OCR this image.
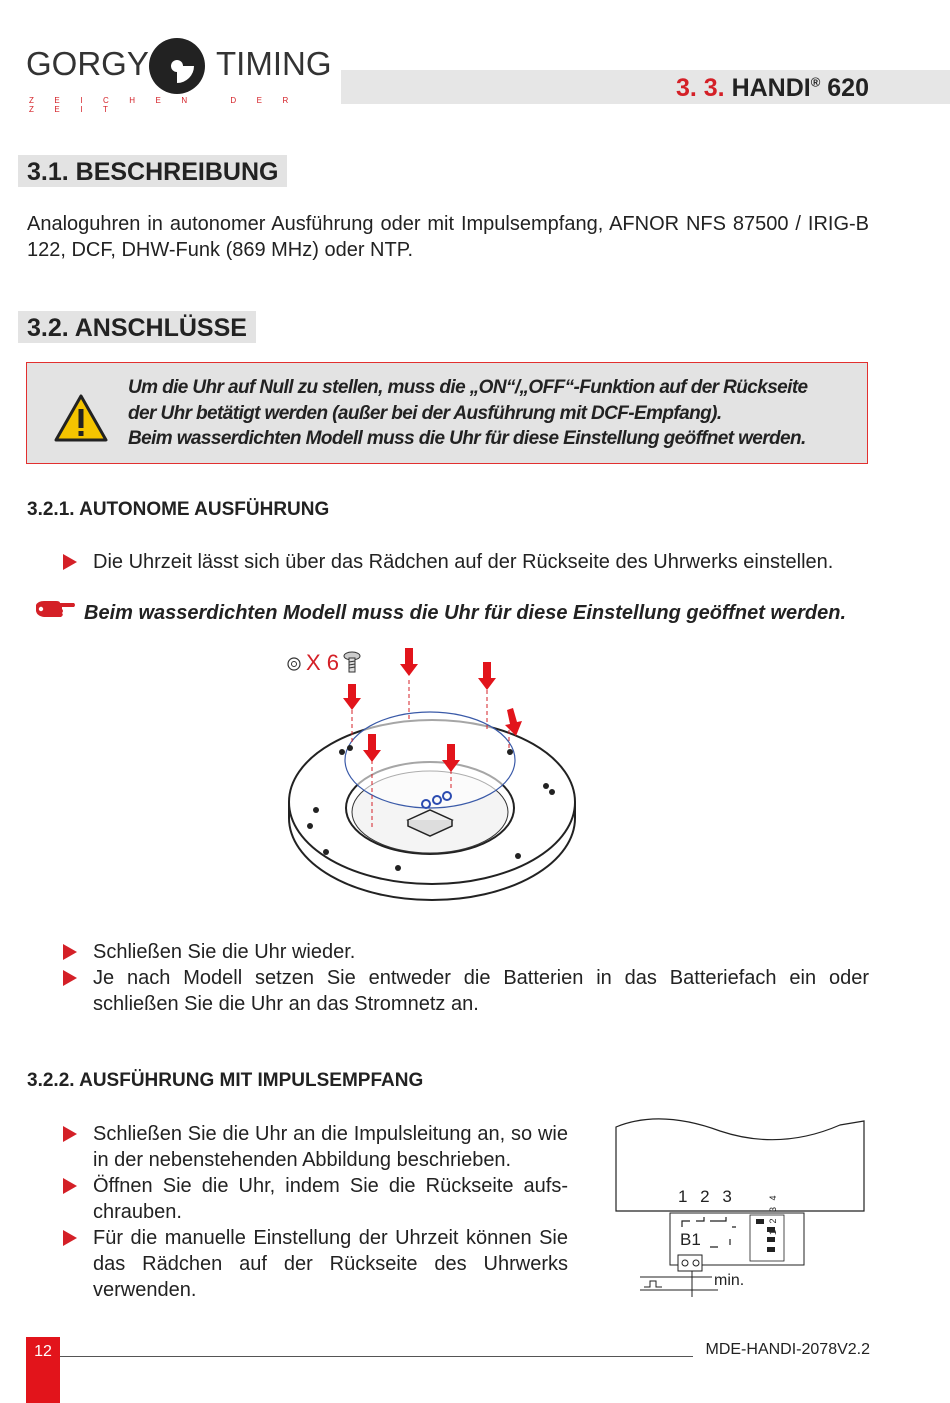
GORGY TIMING
ZEICHEN DER ZEIT
3. 3. HANDI® 620
3.1. BESCHREIBUNG
Analoguhren in autonomer Ausführung oder mit Impulsempfang, AFNOR NFS 87500 / IRIG-B 122, DCF, DHW-Funk (869 MHz) oder NTP.
3.2. ANSCHLÜSSE
Um die Uhr auf Null zu stellen, muss die „ON“/„OFF“-Funktion auf der Rückseite
der Uhr betätigt werden (außer bei der Ausführung mit DCF-Empfang).
Beim wasserdichten Modell muss die Uhr für diese Einstellung geöffnet werden.
3.2.1. AUTONOME AUSFÜHRUNG
Die Uhrzeit lässt sich über das Rädchen auf der Rückseite des Uhrwerks einstellen.
Beim wasserdichten Modell muss die Uhr für diese Einstellung geöffnet werden.
X 6
Schließen Sie die Uhr wieder.
Je nach Modell setzen Sie entweder die Batterien in das Batteriefach ein oder schließen Sie die Uhr an das Stromnetz an.
3.2.2. AUSFÜHRUNG MIT IMPULSEMPFANG
Schließen Sie die Uhr an die Impulsleitung an, so wie in der nebenstehenden Abbildung beschrieben.
Öffnen Sie die Uhr, indem Sie die Rückseite aufs- chrauben.
Für die manuelle Einstellung der Uhrzeit können Sie das Rädchen auf der Rückseite des Uhrwerks verwenden.
1 2 3
B1
1 2 3 4
min.
12	MDE-HANDI-2078V2.2
